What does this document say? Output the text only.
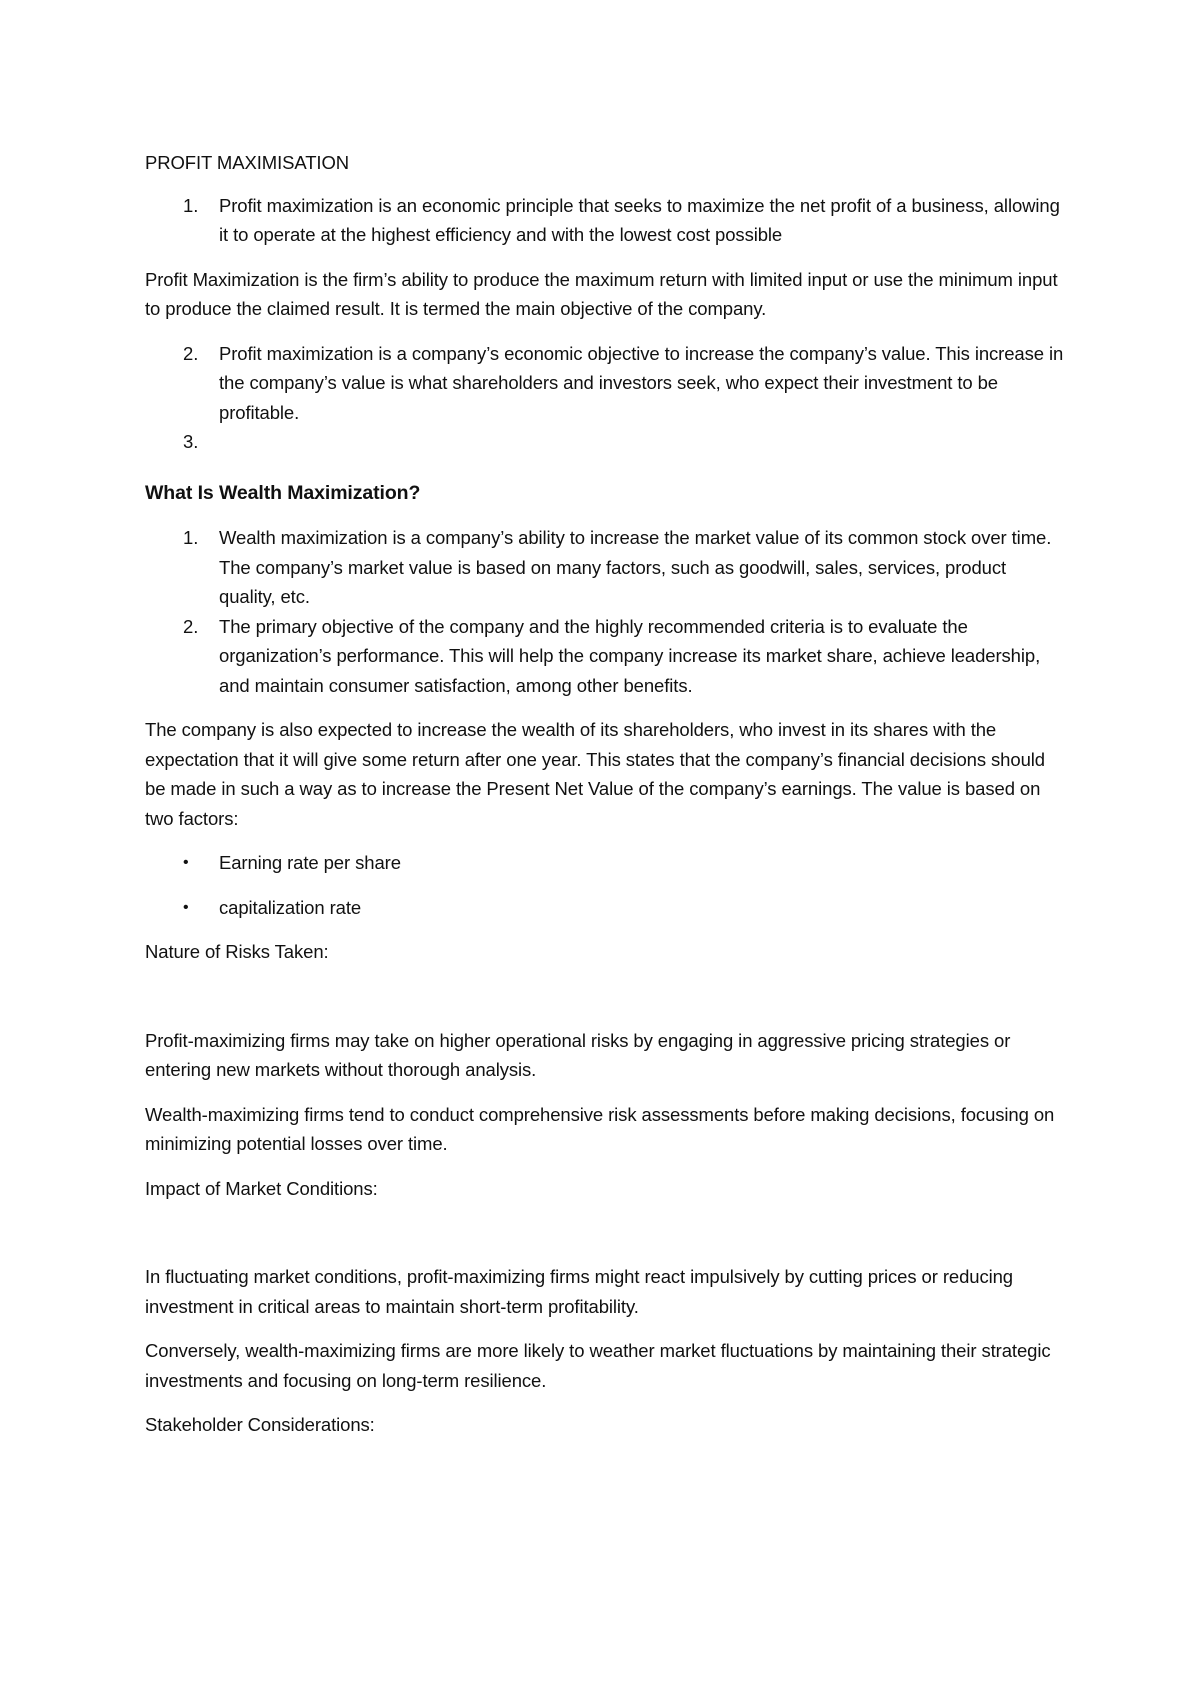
PROFIT MAXIMISATION

1. Profit maximization is an economic principle that seeks to maximize the net profit of a business, allowing it to operate at the highest efficiency and with the lowest cost possible

Profit Maximization is the firm’s ability to produce the maximum return with limited input or use the minimum input to produce the claimed result. It is termed the main objective of the company.

2. Profit maximization is a company’s economic objective to increase the company’s value. This increase in the company’s value is what shareholders and investors seek, who expect their investment to be profitable.
3.
What Is Wealth Maximization?
1. Wealth maximization is a company’s ability to increase the market value of its common stock over time. The company’s market value is based on many factors, such as goodwill, sales, services, product quality, etc.
2. The primary objective of the company and the highly recommended criteria is to evaluate the organization’s performance. This will help the company increase its market share, achieve leadership, and maintain consumer satisfaction, among other benefits.

The company is also expected to increase the wealth of its shareholders, who invest in its shares with the expectation that it will give some return after one year. This states that the company’s financial decisions should be made in such a way as to increase the Present Net Value of the company’s earnings. The value is based on two factors:

• Earning rate per share
• capitalization rate

Nature of Risks Taken:

Profit-maximizing firms may take on higher operational risks by engaging in aggressive pricing strategies or entering new markets without thorough analysis.

Wealth-maximizing firms tend to conduct comprehensive risk assessments before making decisions, focusing on minimizing potential losses over time.

Impact of Market Conditions:

In fluctuating market conditions, profit-maximizing firms might react impulsively by cutting prices or reducing investment in critical areas to maintain short-term profitability.

Conversely, wealth-maximizing firms are more likely to weather market fluctuations by maintaining their strategic investments and focusing on long-term resilience.

Stakeholder Considerations:
